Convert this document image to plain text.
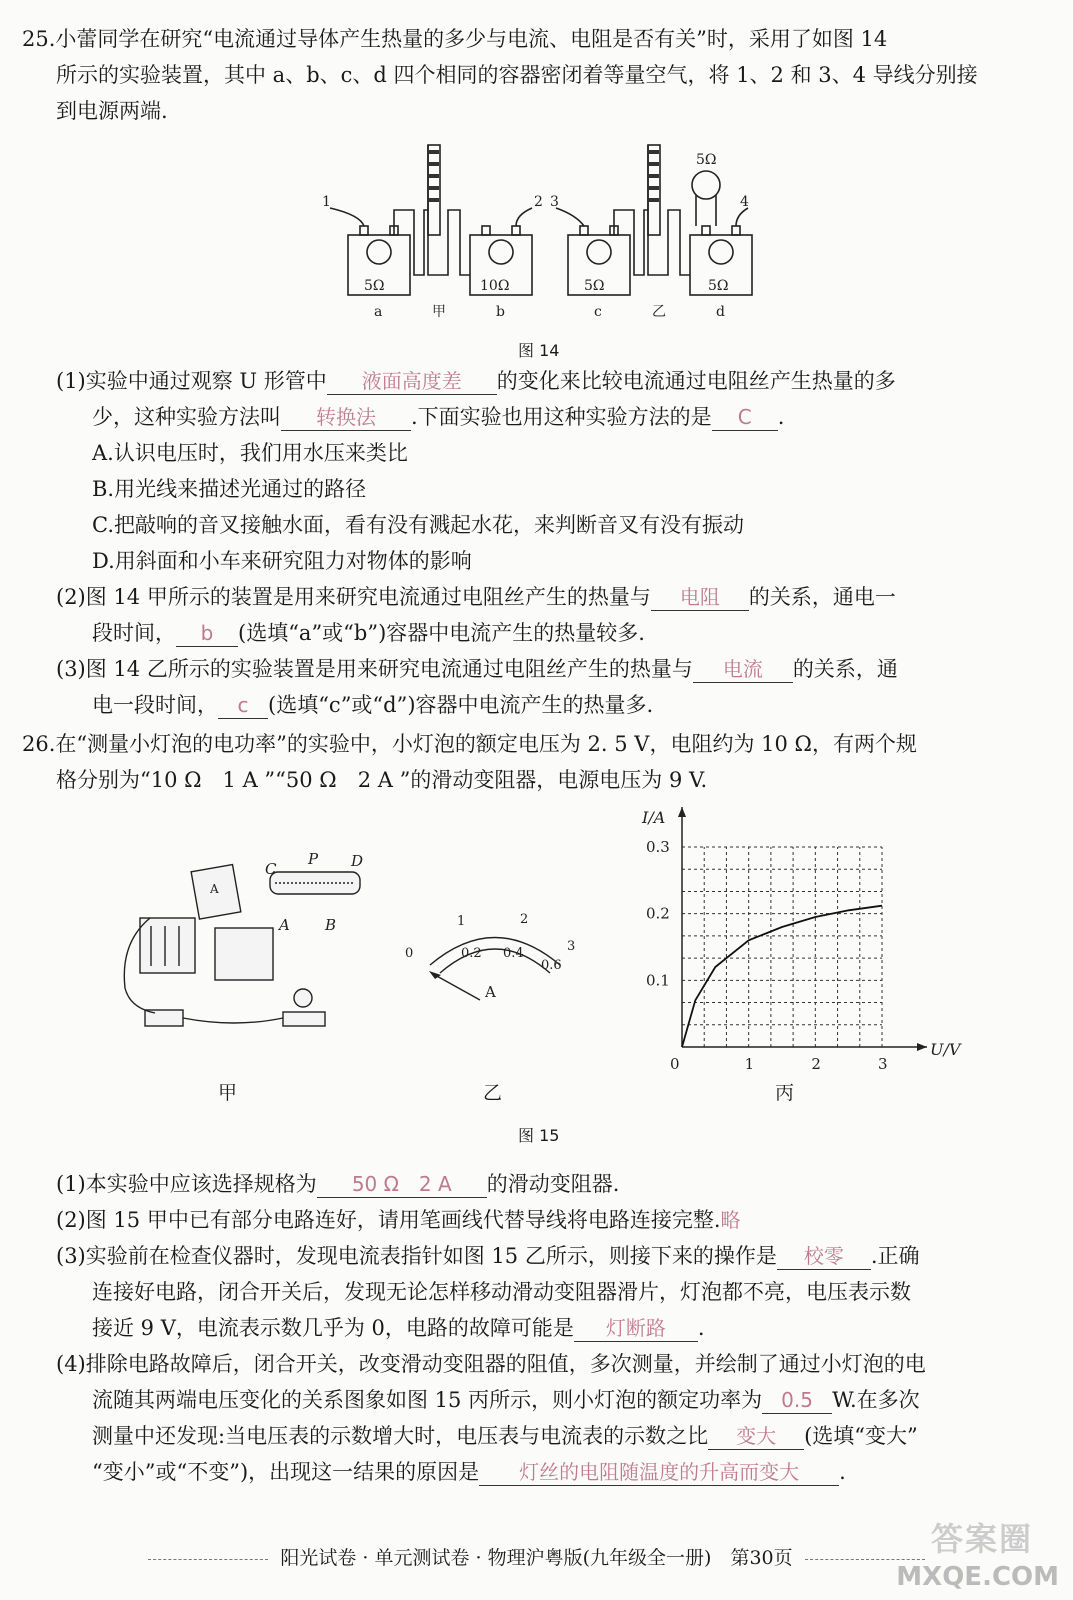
25.小蕾同学在研究“电流通过导体产生热量的多少与电流、电阻是否有关”时，采用了如图 14
所示的实验装置，其中 a、b、c、d 四个相同的容器密闭着等量空气，将 1、2 和 3、4 导线分别接
到电源两端.
5Ω	10Ω
a	甲	b
1	2
5Ω	5Ω
5Ω
c	乙	d
3	4
图 14
(1)实验中通过观察 U 形管中 液面高度差 的变化来比较电流通过电阻丝产生热量的多
少，这种实验方法叫 转换法 .下面实验也用这种实验方法的是 C .
A.认识电压时，我们用水压来类比
B.用光线来描述光通过的路径
C.把敲响的音叉接触水面，看有没有溅起水花，来判断音叉有没有振动
D.用斜面和小车来研究阻力对物体的影响
(2)图 14 甲所示的装置是用来研究电流通过电阻丝产生的热量与 电阻 的关系，通电一
段时间， b (选填“a”或“b”)容器中电流产生的热量较多.
(3)图 14 乙所示的实验装置是用来研究电流通过电阻丝产生的热量与 电流 的关系，通
电一段时间， c (选填“c”或“d”)容器中电流产生的热量多.
26.在“测量小灯泡的电功率”的实验中，小灯泡的额定电压为 2. 5 V，电阻约为 10 Ω，有两个规
格分别为“10 Ω　1 A ”“50 Ω　2 A ”的滑动变阻器，电源电压为 9 V.
C
P D
A B
A
甲
1	2
3
0	0.2 0.4
0.6
A
乙
0	1	2	3
0.1
0.2
0.3
U/V
I/A
丙
图 15
(1)本实验中应该选择规格为 50 Ω　2 A 的滑动变阻器.
(2)图 15 甲中已有部分电路连好，请用笔画线代替导线将电路连接完整.略
(3)实验前在检查仪器时，发现电流表指针如图 15 乙所示，则接下来的操作是 校零 .正确
连接好电路，闭合开关后，发现无论怎样移动滑动变阻器滑片，灯泡都不亮，电压表示数
接近 9 V，电流表示数几乎为 0，电路的故障可能是 灯断路 .
(4)排除电路故障后，闭合开关，改变滑动变阻器的阻值，多次测量，并绘制了通过小灯泡的电
流随其两端电压变化的关系图象如图 15 丙所示，则小灯泡的额定功率为 0.5 W.在多次
测量中还发现:当电压表的示数增大时，电压表与电流表的示数之比 变大 (选填“变大”
“变小”或“不变”)，出现这一结果的原因是 灯丝的电阻随温度的升高而变大 .
阳光试卷 · 单元测试卷 · 物理沪粤版(九年级全一册)　第30页	答案圈
MXQE.COM
